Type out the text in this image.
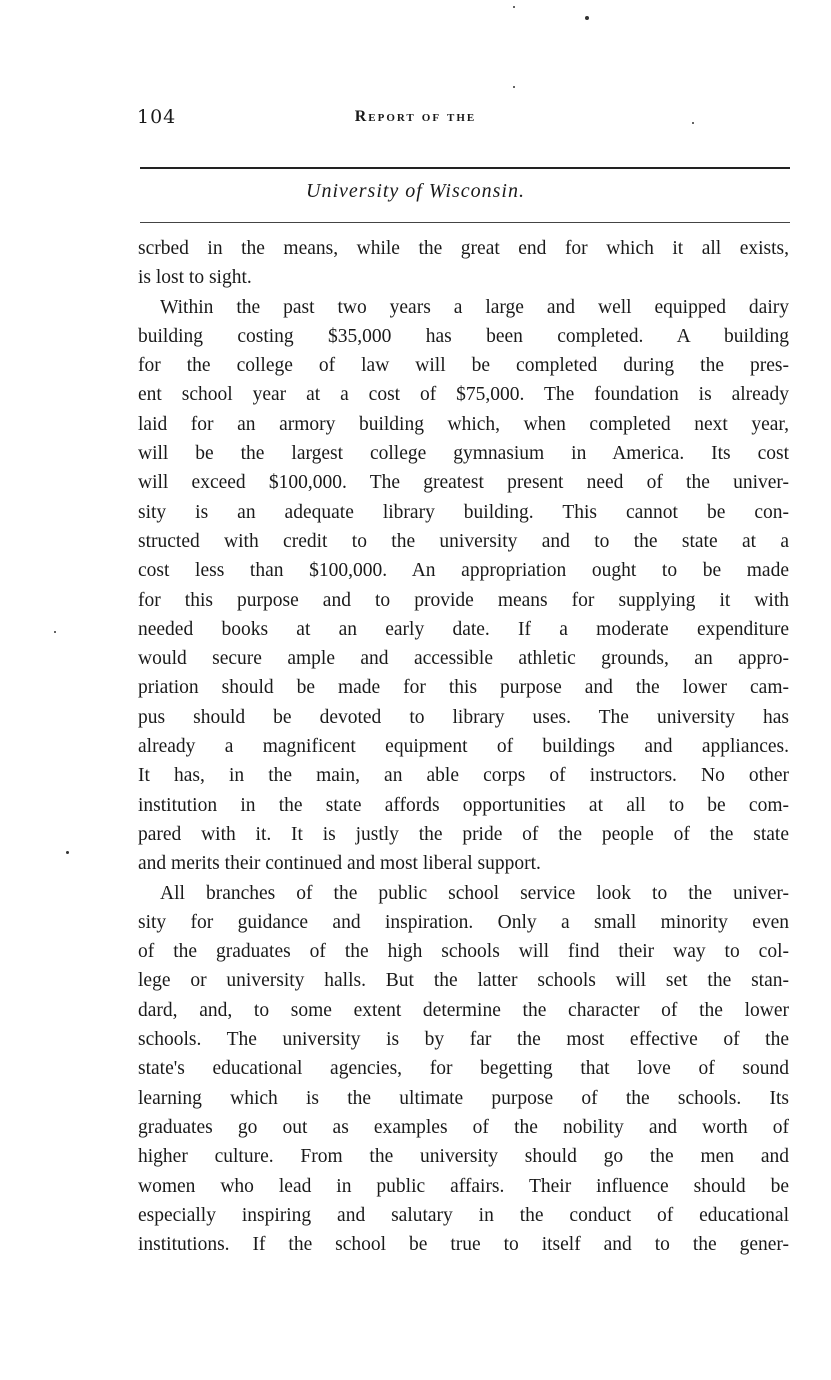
104	Report of the
University of Wisconsin.
scrbed in the means, while the great end for which it all exists,
is lost to sight.
Within the past two years a large and well equipped dairy
building costing $35,000 has been completed. A building
for the college of law will be completed during the pres-
ent school year at a cost of $75,000. The foundation is already
laid for an armory building which, when completed next year,
will be the largest college gymnasium in America. Its cost
will exceed $100,000. The greatest present need of the univer-
sity is an adequate library building. This cannot be con-
structed with credit to the university and to the state at a
cost less than $100,000. An appropriation ought to be made
for this purpose and to provide means for supplying it with
needed books at an early date. If a moderate expenditure
would secure ample and accessible athletic grounds, an appro-
priation should be made for this purpose and the lower cam-
pus should be devoted to library uses. The university has
already a magnificent equipment of buildings and appliances.
It has, in the main, an able corps of instructors. No other
institution in the state affords opportunities at all to be com-
pared with it. It is justly the pride of the people of the state
and merits their continued and most liberal support.
All branches of the public school service look to the univer-
sity for guidance and inspiration. Only a small minority even
of the graduates of the high schools will find their way to col-
lege or university halls. But the latter schools will set the stan-
dard, and, to some extent determine the character of the lower
schools. The university is by far the most effective of the
state's educational agencies, for begetting that love of sound
learning which is the ultimate purpose of the schools. Its
graduates go out as examples of the nobility and worth of
higher culture. From the university should go the men and
women who lead in public affairs. Their influence should be
especially inspiring and salutary in the conduct of educational
institutions. If the school be true to itself and to the gener-
